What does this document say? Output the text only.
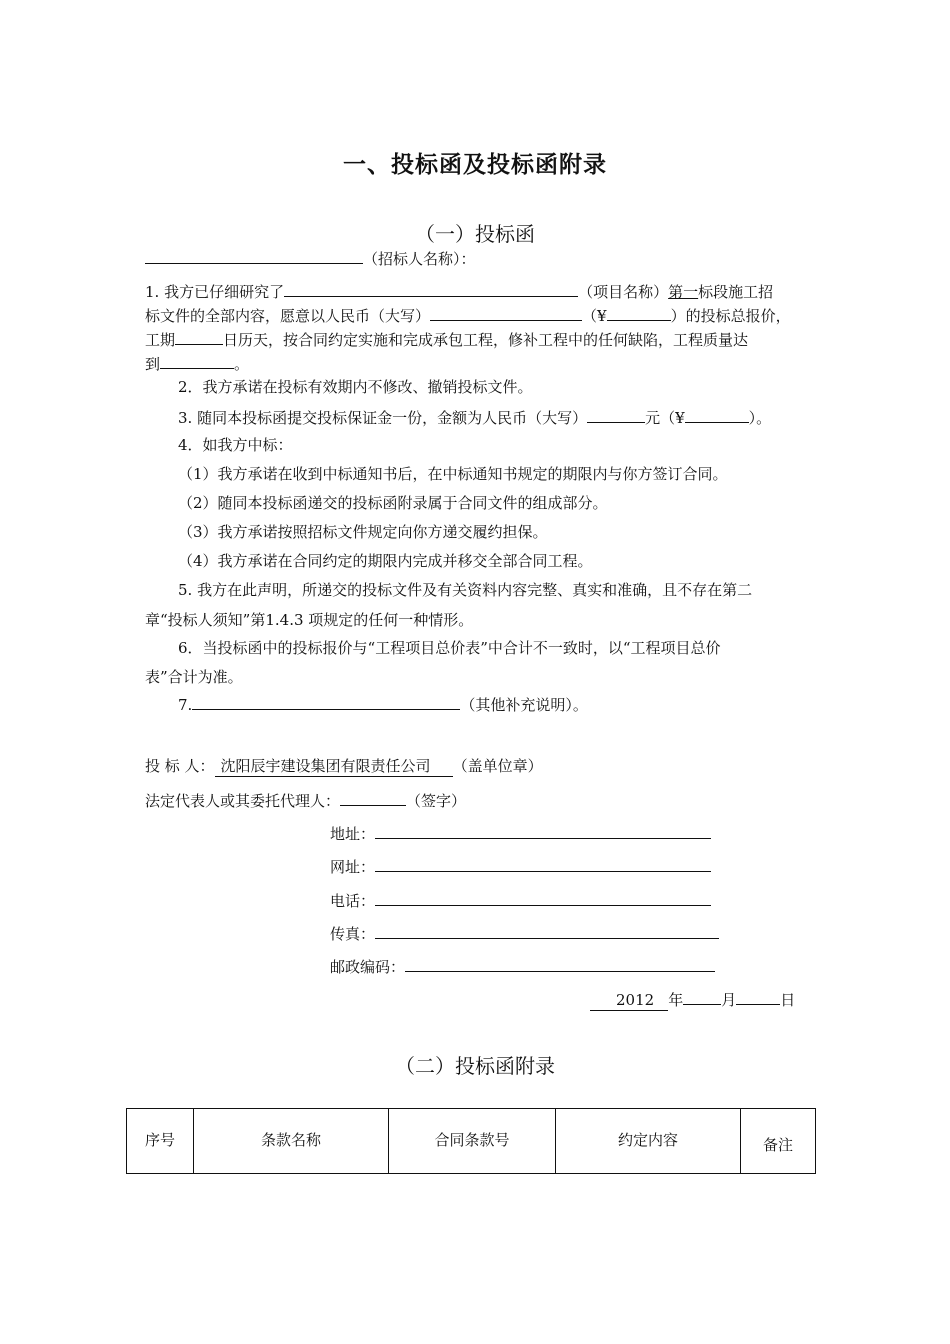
一、投标函及投标函附录
（一）投标函
（招标人名称）：
1. 我方已仔细研究了	（项目名称）第一标段施工招
标文件的全部内容，愿意以人民币（大写）	（¥	）的投标总报价，
工期	日历天，按合同约定实施和完成承包工程，修补工程中的任何缺陷，工程质量达
到	。
2．我方承诺在投标有效期内不修改、撤销投标文件。
3. 随同本投标函提交投标保证金一份，金额为人民币（大写）	元（¥	）。
4．如我方中标：
（1）我方承诺在收到中标通知书后，在中标通知书规定的期限内与你方签订合同。
（2）随同本投标函递交的投标函附录属于合同文件的组成部分。
（3）我方承诺按照招标文件规定向你方递交履约担保。
（4）我方承诺在合同约定的期限内完成并移交全部合同工程。
5. 我方在此声明，所递交的投标文件及有关资料内容完整、真实和准确，且不存在第二
章“投标人须知”第1.4.3 项规定的任何一种情形。
6．当投标函中的投标报价与“工程项目总价表”中合计不一致时，以“工程项目总价
表”合计为准。
7.	（其他补充说明）。
投 标 人： 沈阳辰宇建设集团有限责任公司 （盖单位章）
法定代表人或其委托代理人：	（签字）
地址：
网址：
电话：
传真：
邮政编码：
2012 年	月	日
（二）投标函附录
序号	条款名称	合同条款号	约定内容	备注
